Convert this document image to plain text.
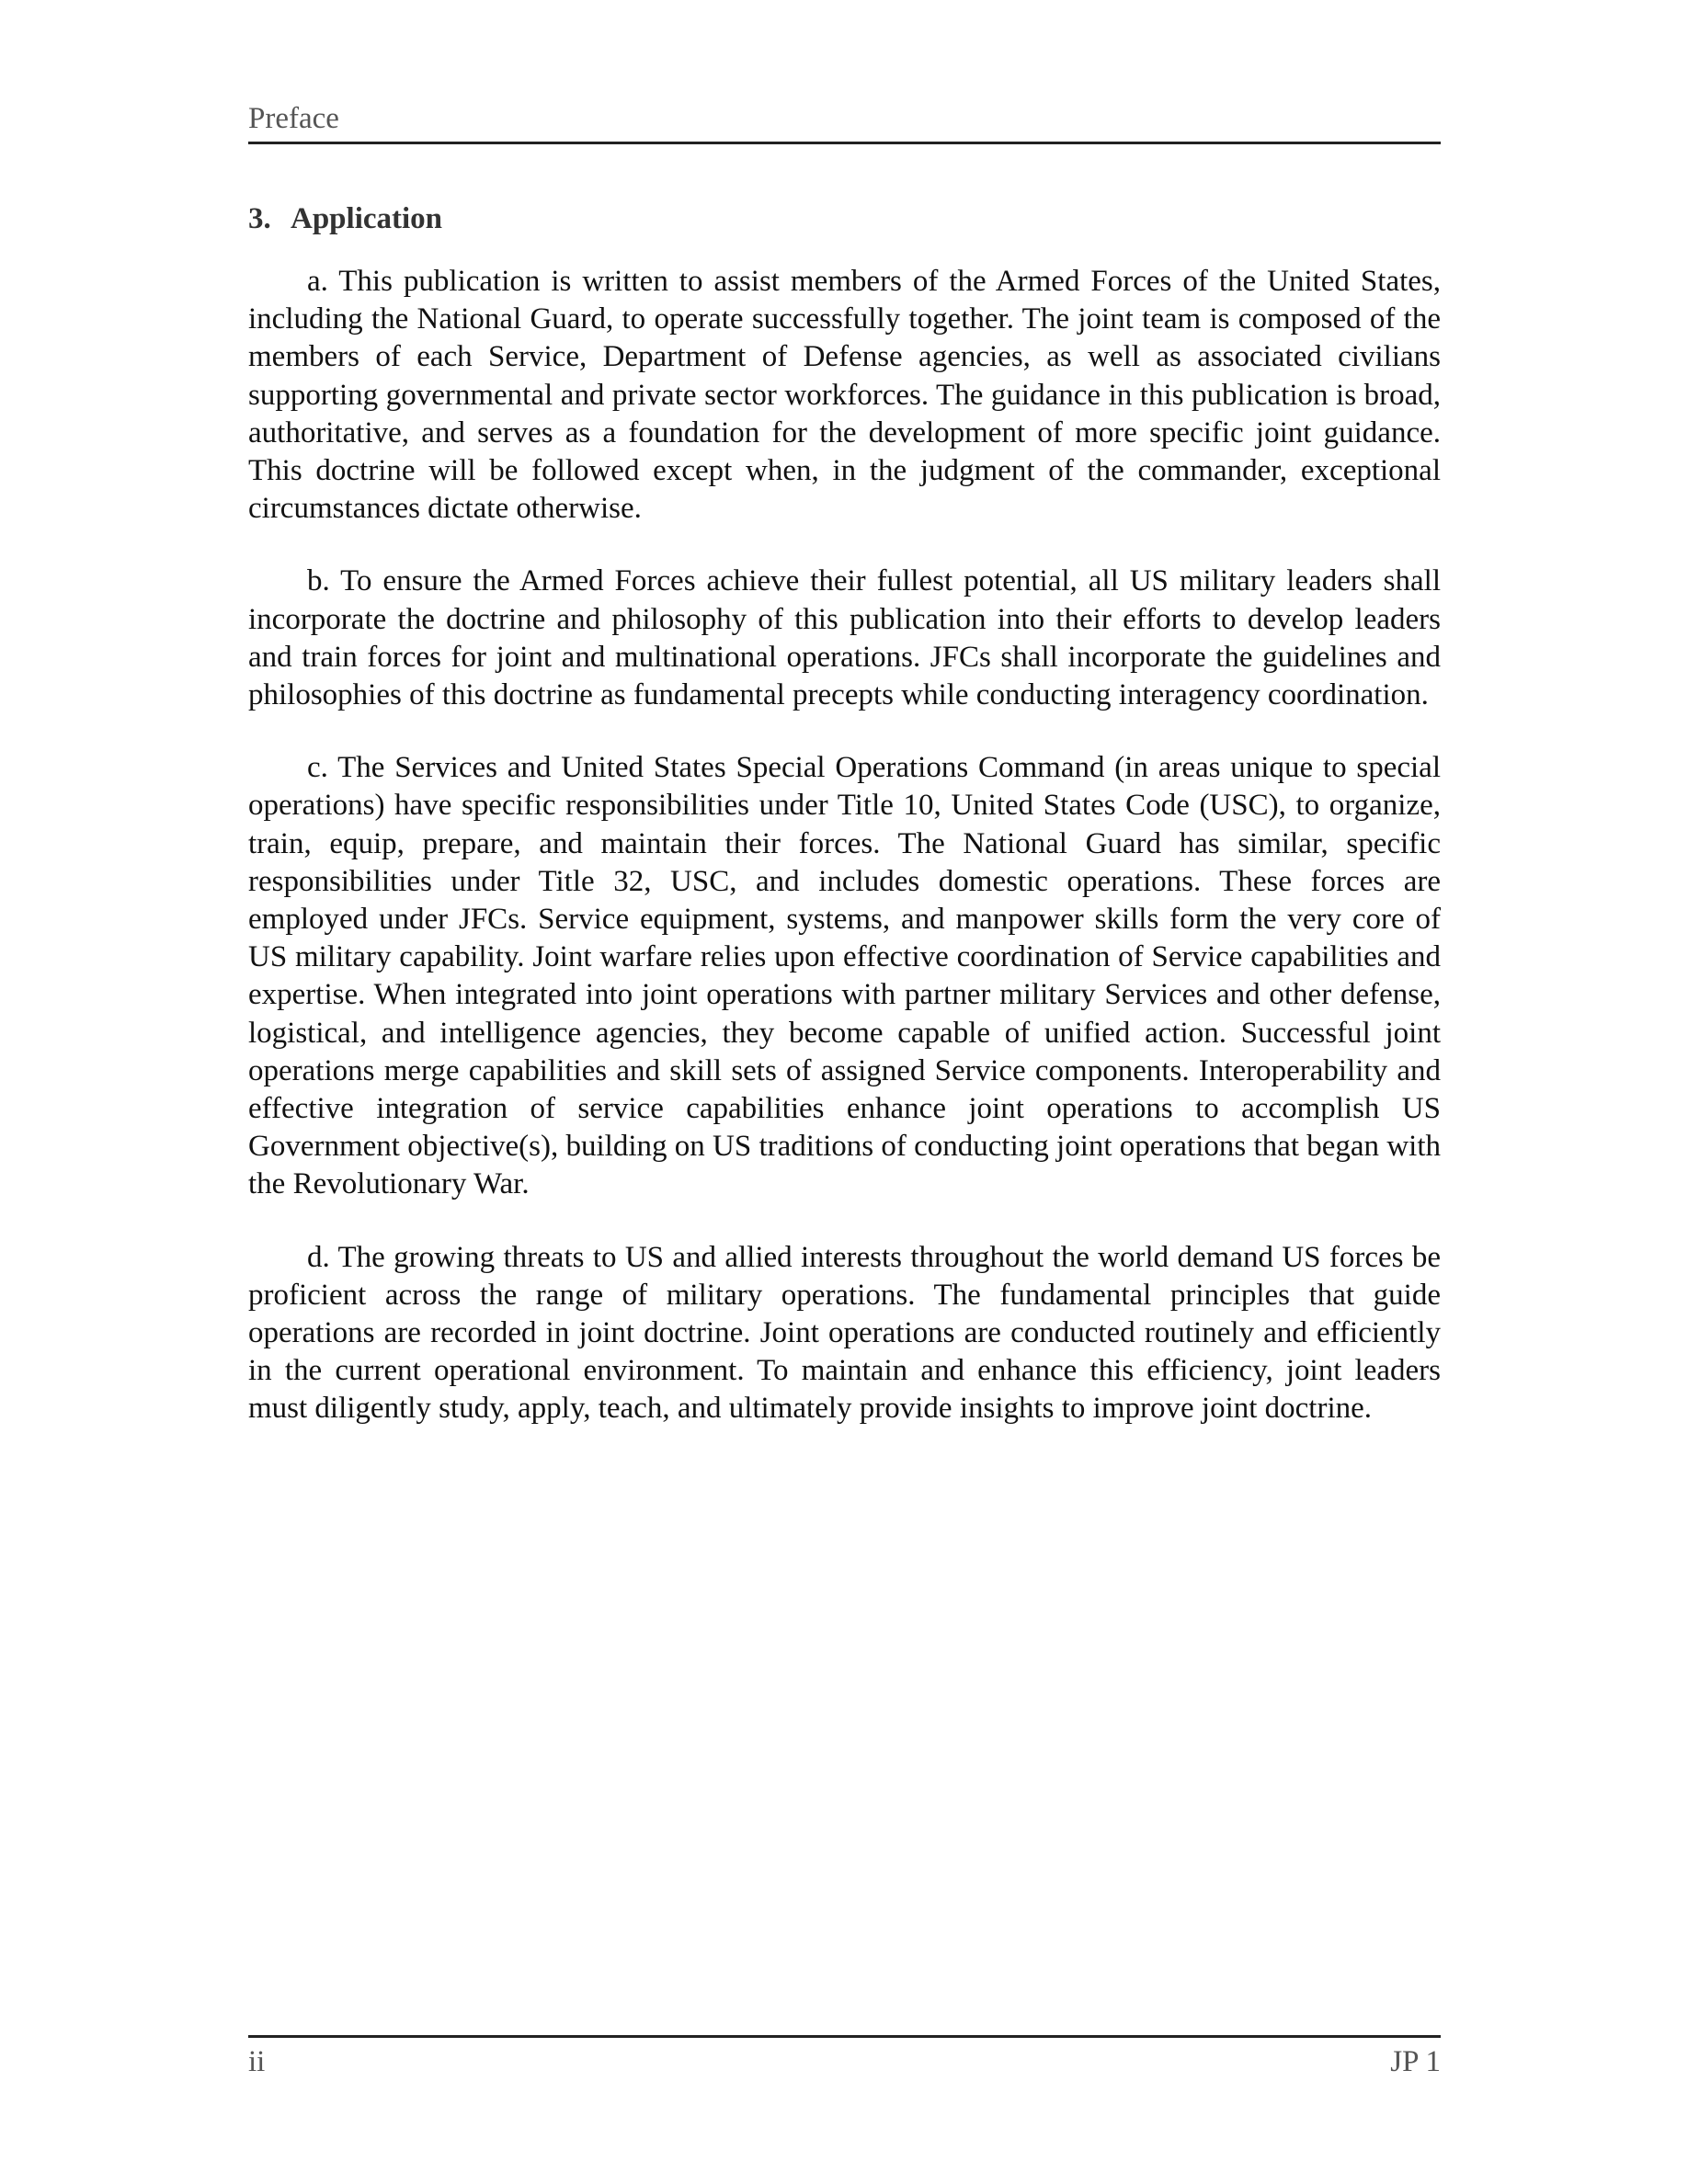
Preface
3. Application

a. This publication is written to assist members of the Armed Forces of the United States, including the National Guard, to operate successfully together. The joint team is composed of the members of each Service, Department of Defense agencies, as well as associated civilians supporting governmental and private sector workforces. The guidance in this publication is broad, authoritative, and serves as a foundation for the development of more specific joint guidance. This doctrine will be followed except when, in the judgment of the commander, exceptional circumstances dictate otherwise.

b. To ensure the Armed Forces achieve their fullest potential, all US military leaders shall incorporate the doctrine and philosophy of this publication into their efforts to develop leaders and train forces for joint and multinational operations. JFCs shall incorporate the guidelines and philosophies of this doctrine as fundamental precepts while conducting interagency coordination.

c. The Services and United States Special Operations Command (in areas unique to special operations) have specific responsibilities under Title 10, United States Code (USC), to organize, train, equip, prepare, and maintain their forces. The National Guard has similar, specific responsibilities under Title 32, USC, and includes domestic operations. These forces are employed under JFCs. Service equipment, systems, and manpower skills form the very core of US military capability. Joint warfare relies upon effective coordination of Service capabilities and expertise. When integrated into joint operations with partner military Services and other defense, logistical, and intelligence agencies, they become capable of unified action. Successful joint operations merge capabilities and skill sets of assigned Service components. Interoperability and effective integration of service capabilities enhance joint operations to accomplish US Government objective(s), building on US traditions of conducting joint operations that began with the Revolutionary War.

d. The growing threats to US and allied interests throughout the world demand US forces be proficient across the range of military operations. The fundamental principles that guide operations are recorded in joint doctrine. Joint operations are conducted routinely and efficiently in the current operational environment. To maintain and enhance this efficiency, joint leaders must diligently study, apply, teach, and ultimately provide insights to improve joint doctrine.

ii	JP 1
